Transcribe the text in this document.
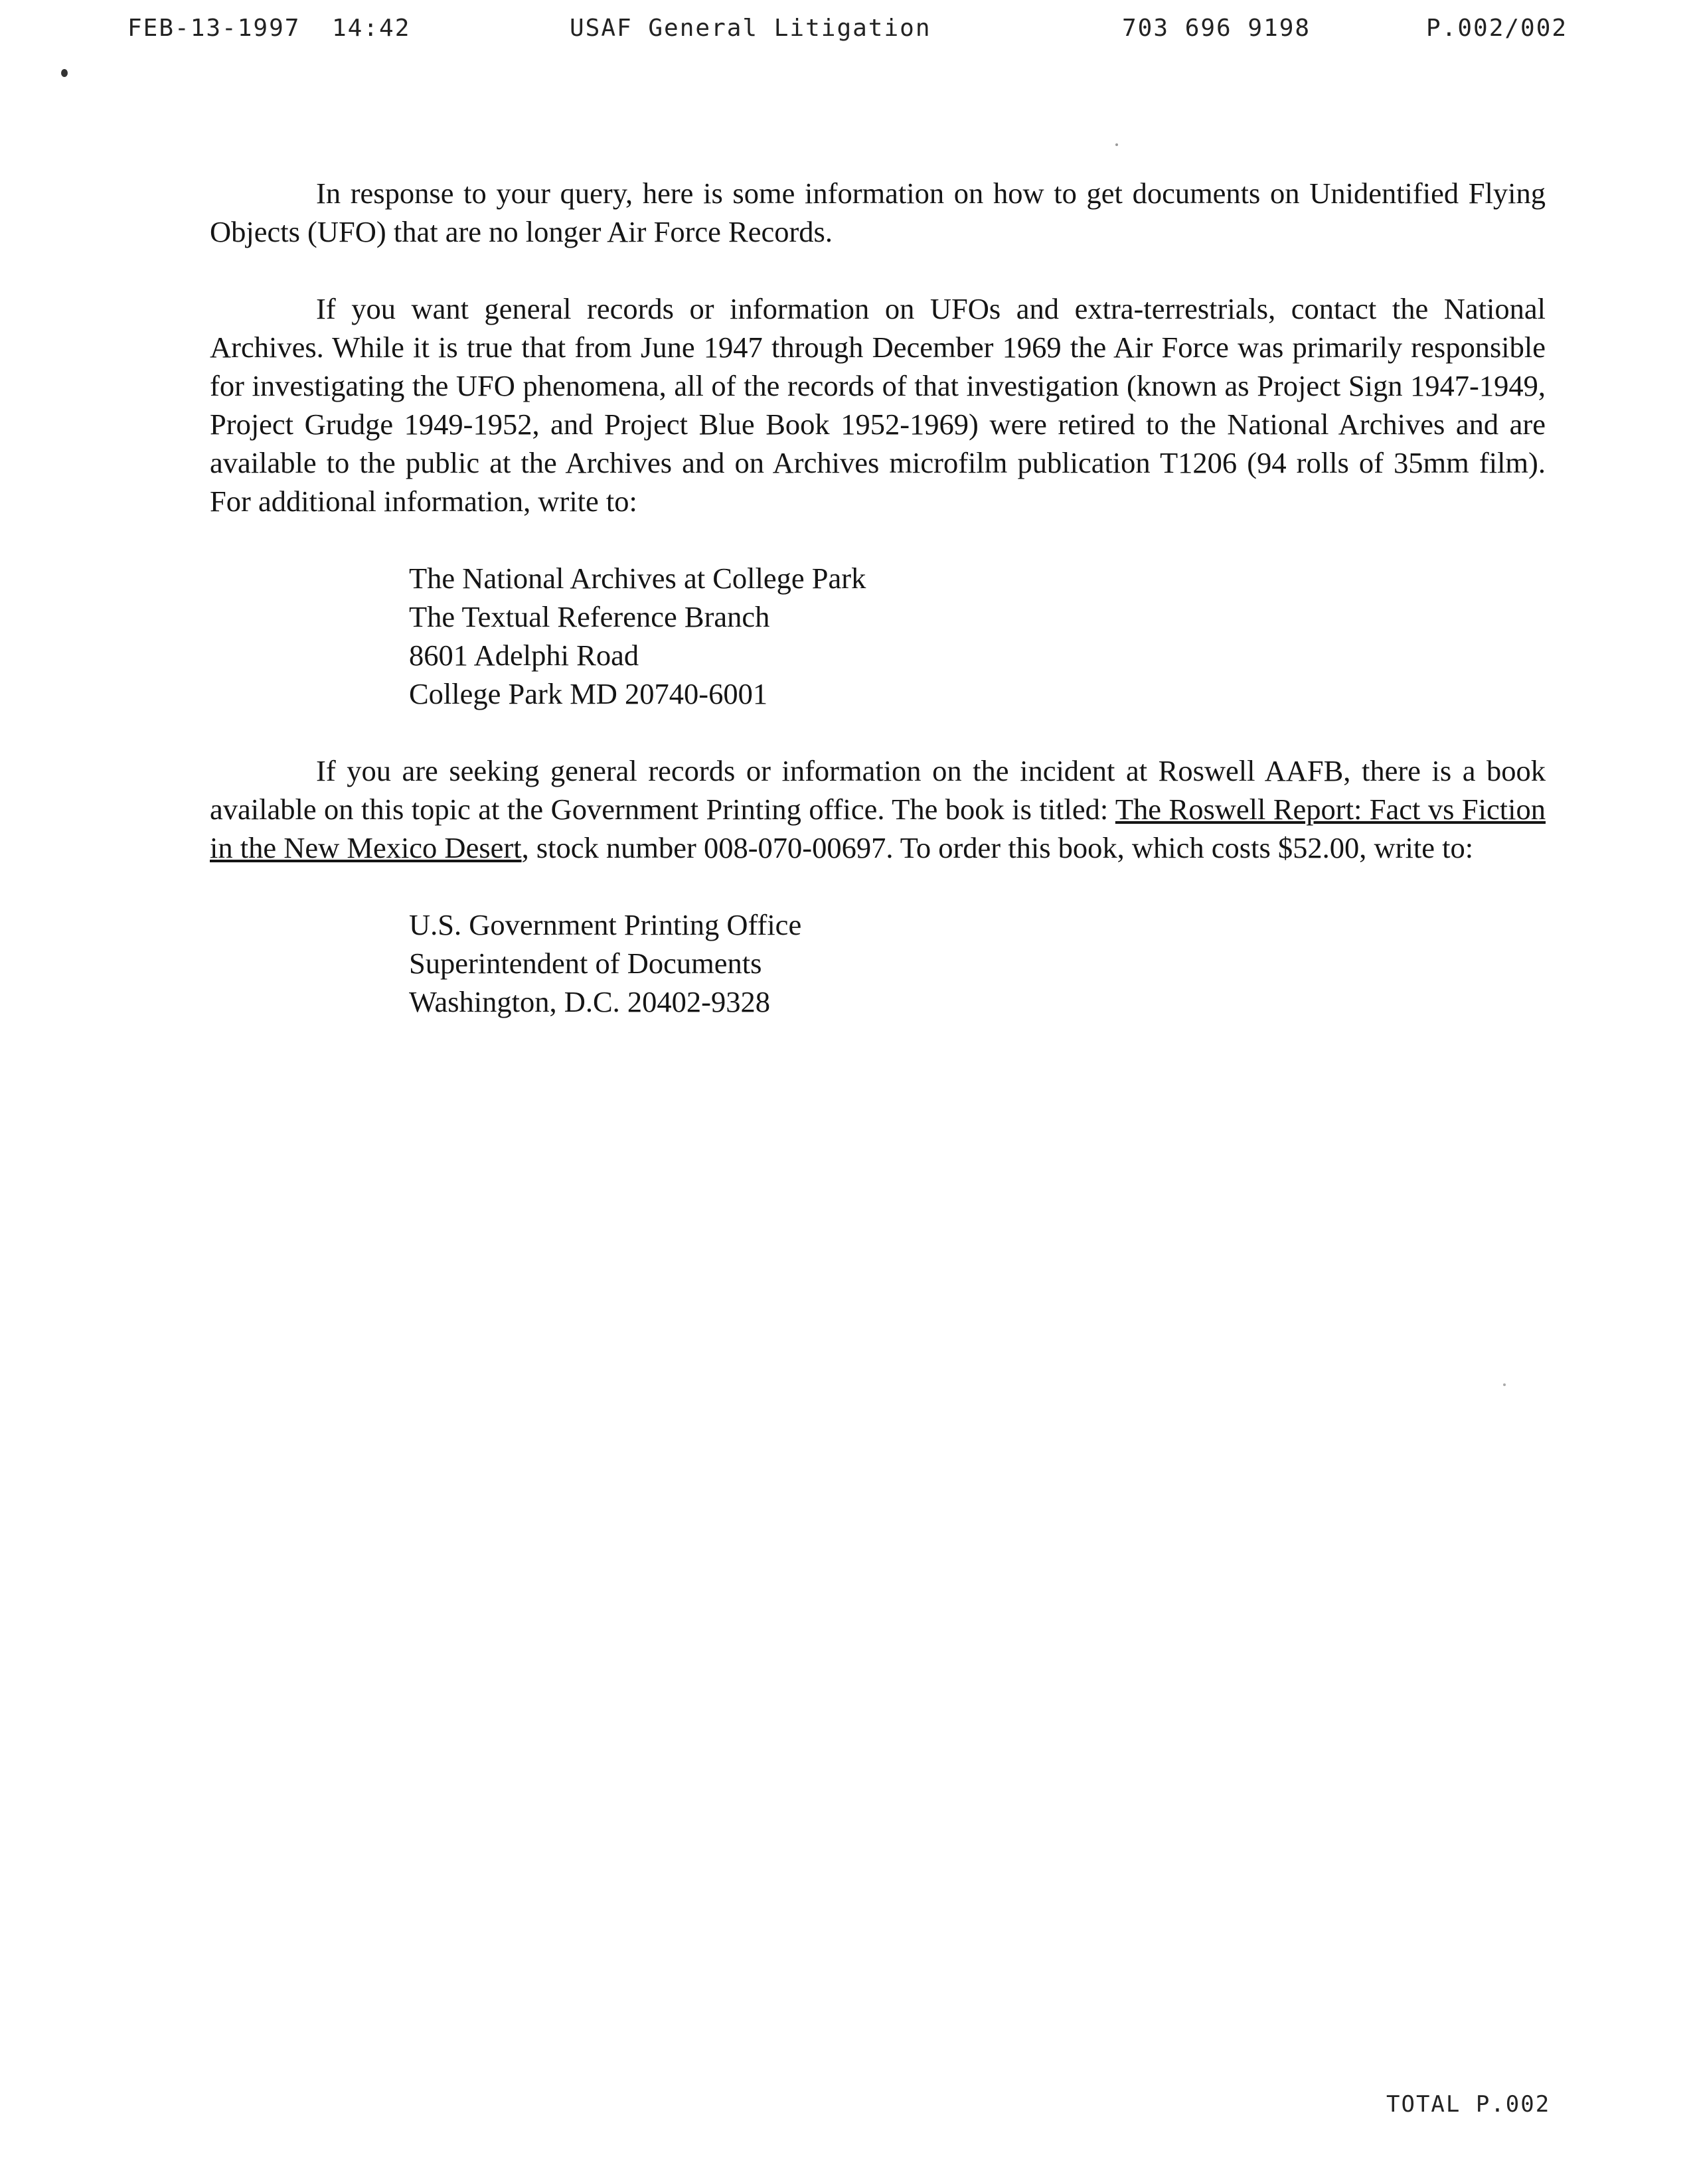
FEB-13-1997 14:42	USAF General Litigation	703 696 9198	P.002/002

In response to your query, here is some information on how to get documents on Unidentified Flying Objects (UFO) that are no longer Air Force Records.

If you want general records or information on UFOs and extra-terrestrials, contact the National Archives. While it is true that from June 1947 through December 1969 the Air Force was primarily responsible for investigating the UFO phenomena, all of the records of that investigation (known as Project Sign 1947-1949, Project Grudge 1949-1952, and Project Blue Book 1952-1969) were retired to the National Archives and are available to the public at the Archives and on Archives microfilm publication T1206 (94 rolls of 35mm film). For additional information, write to:

The National Archives at College Park
The Textual Reference Branch
8601 Adelphi Road
College Park MD 20740-6001

If you are seeking general records or information on the incident at Roswell AAFB, there is a book available on this topic at the Government Printing office. The book is titled: The Roswell Report: Fact vs Fiction in the New Mexico Desert, stock number 008-070-00697. To order this book, which costs $52.00, write to:

U.S. Government Printing Office
Superintendent of Documents
Washington, D.C. 20402-9328
TOTAL P.002
